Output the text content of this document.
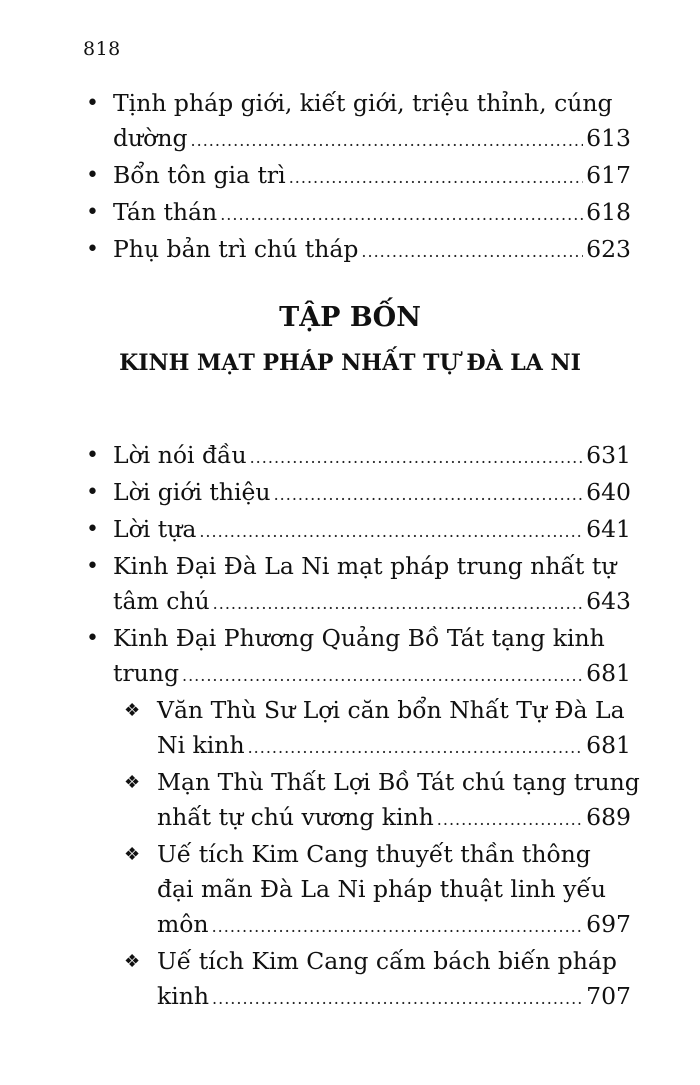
818
• Tịnh pháp giới, kiết giới, triệu thỉnh, cúng
dường .....	613
• Bổn tôn gia trì .....	617
• Tán thán .....	618
• Phụ bản trì chú tháp .....	623
TẬP BỐN
KINH MẠT PHÁP NHẤT TỰ ĐÀ LA NI
• Lời nói đầu .....	631
• Lời giới thiệu .....	640
• Lời tựa .....	641
• Kinh Đại Đà La Ni mạt pháp trung nhất tự
tâm chú .....	643
• Kinh Đại Phương Quảng Bồ Tát tạng kinh
trung .....	681
❖ Văn Thù Sư Lợi căn bổn Nhất Tự Đà La
Ni kinh .....	681
❖ Mạn Thù Thất Lợi Bồ Tát chú tạng trung
nhất tự chú vương kinh .....	689
❖ Uế tích Kim Cang thuyết thần thông
đại mãn Đà La Ni pháp thuật linh yếu
môn .....	697
❖ Uế tích Kim Cang cấm bách biến pháp
kinh .....	707
